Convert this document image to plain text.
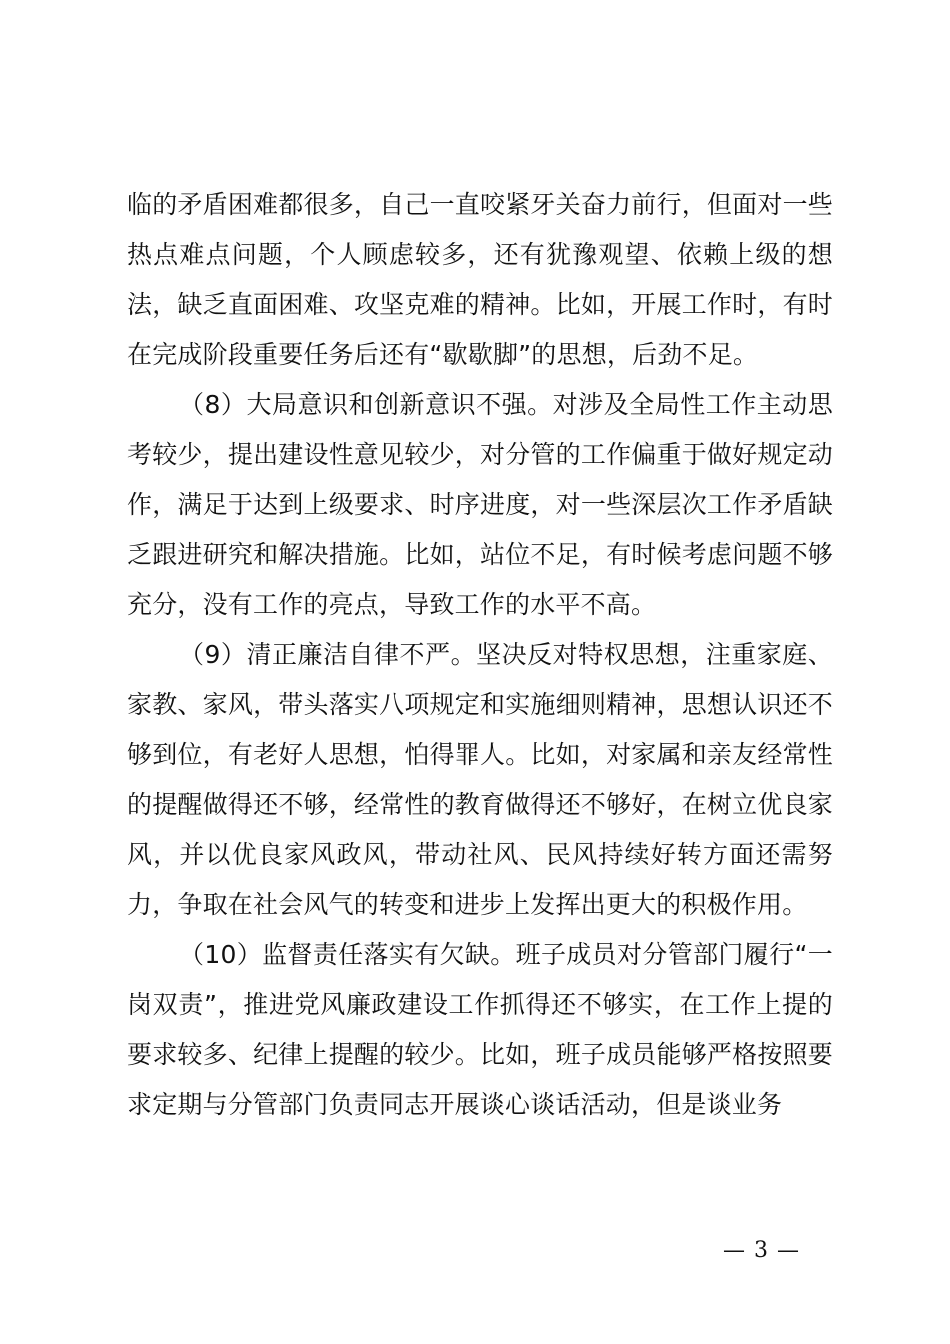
临的矛盾困难都很多，自己一直咬紧牙关奋力前行，但面对一些热点难点问题，个人顾虑较多，还有犹豫观望、依赖上级的想法，缺乏直面困难、攻坚克难的精神。比如，开展工作时，有时在完成阶段重要任务后还有“歇歇脚”的思想，后劲不足。

（8）大局意识和创新意识不强。对涉及全局性工作主动思考较少，提出建设性意见较少，对分管的工作偏重于做好规定动作，满足于达到上级要求、时序进度，对一些深层次工作矛盾缺乏跟进研究和解决措施。比如，站位不足，有时候考虑问题不够充分，没有工作的亮点，导致工作的水平不高。

（9）清正廉洁自律不严。坚决反对特权思想，注重家庭、家教、家风，带头落实八项规定和实施细则精神，思想认识还不够到位，有老好人思想，怕得罪人。比如，对家属和亲友经常性的提醒做得还不够，经常性的教育做得还不够好，在树立优良家风，并以优良家风政风，带动社风、民风持续好转方面还需努力，争取在社会风气的转变和进步上发挥出更大的积极作用。

（10）监督责任落实有欠缺。班子成员对分管部门履行“一岗双责”，推进党风廉政建设工作抓得还不够实，在工作上提的要求较多、纪律上提醒的较少。比如，班子成员能够严格按照要求定期与分管部门负责同志开展谈心谈话活动，但是谈业务

— 3 —
